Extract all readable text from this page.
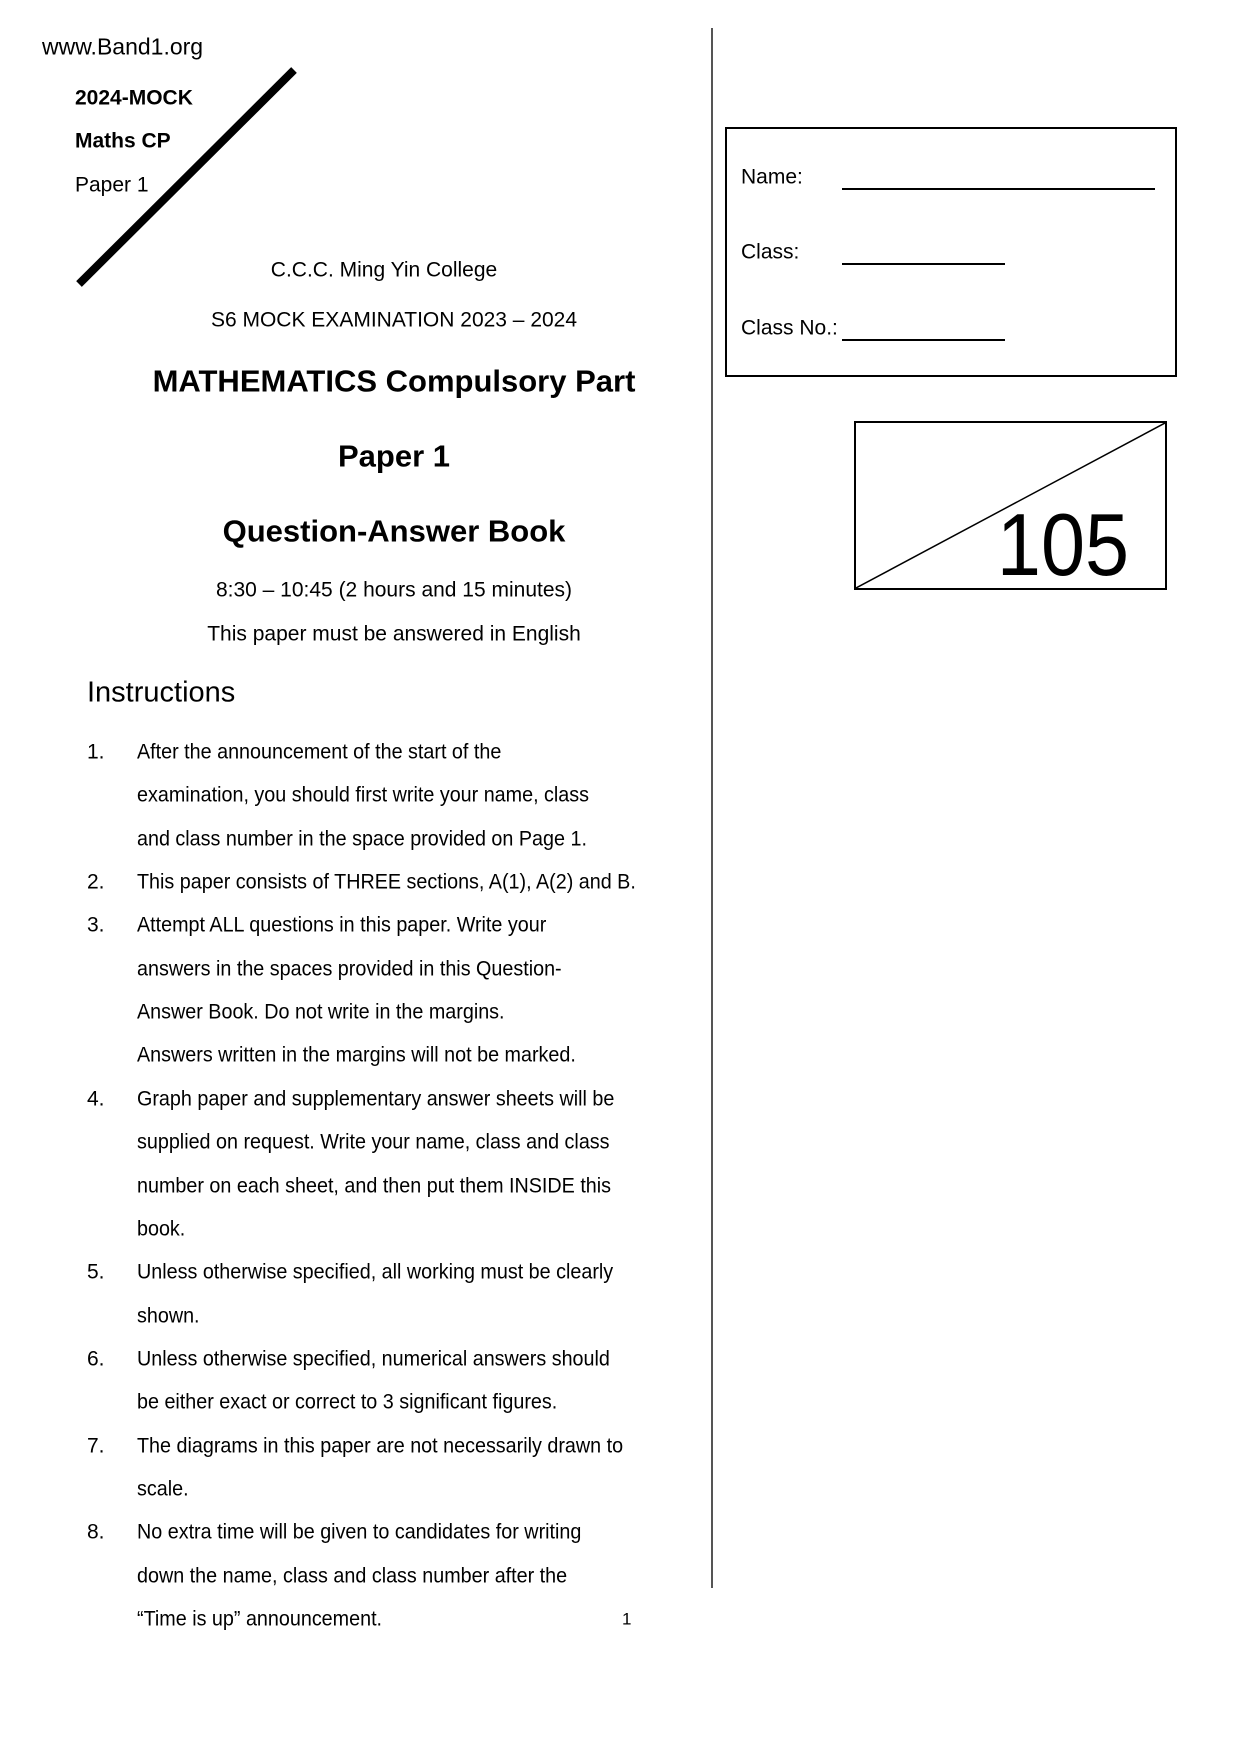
www.Band1.org
2024-MOCK
Maths CP
Paper 1
C.C.C. Ming Yin College
S6 MOCK EXAMINATION 2023 – 2024
MATHEMATICS Compulsory Part
Paper 1
Question-Answer Book
8:30 – 10:45 (2 hours and 15 minutes)
This paper must be answered in English
Instructions
1. After the announcement of the start of the
examination, you should first write your name, class
and class number in the space provided on Page 1.
2. This paper consists of THREE sections, A(1), A(2) and B.
3. Attempt ALL questions in this paper. Write your
answers in the spaces provided in this Question-
Answer Book. Do not write in the margins.
Answers written in the margins will not be marked.
4. Graph paper and supplementary answer sheets will be
supplied on request. Write your name, class and class
number on each sheet, and then put them INSIDE this
book.
5. Unless otherwise specified, all working must be clearly
shown.
6. Unless otherwise specified, numerical answers should
be either exact or correct to 3 significant figures.
7. The diagrams in this paper are not necessarily drawn to
scale.
8. No extra time will be given to candidates for writing
down the name, class and class number after the
“Time is up” announcement.	1
Name:
Class:
Class No.:
105
